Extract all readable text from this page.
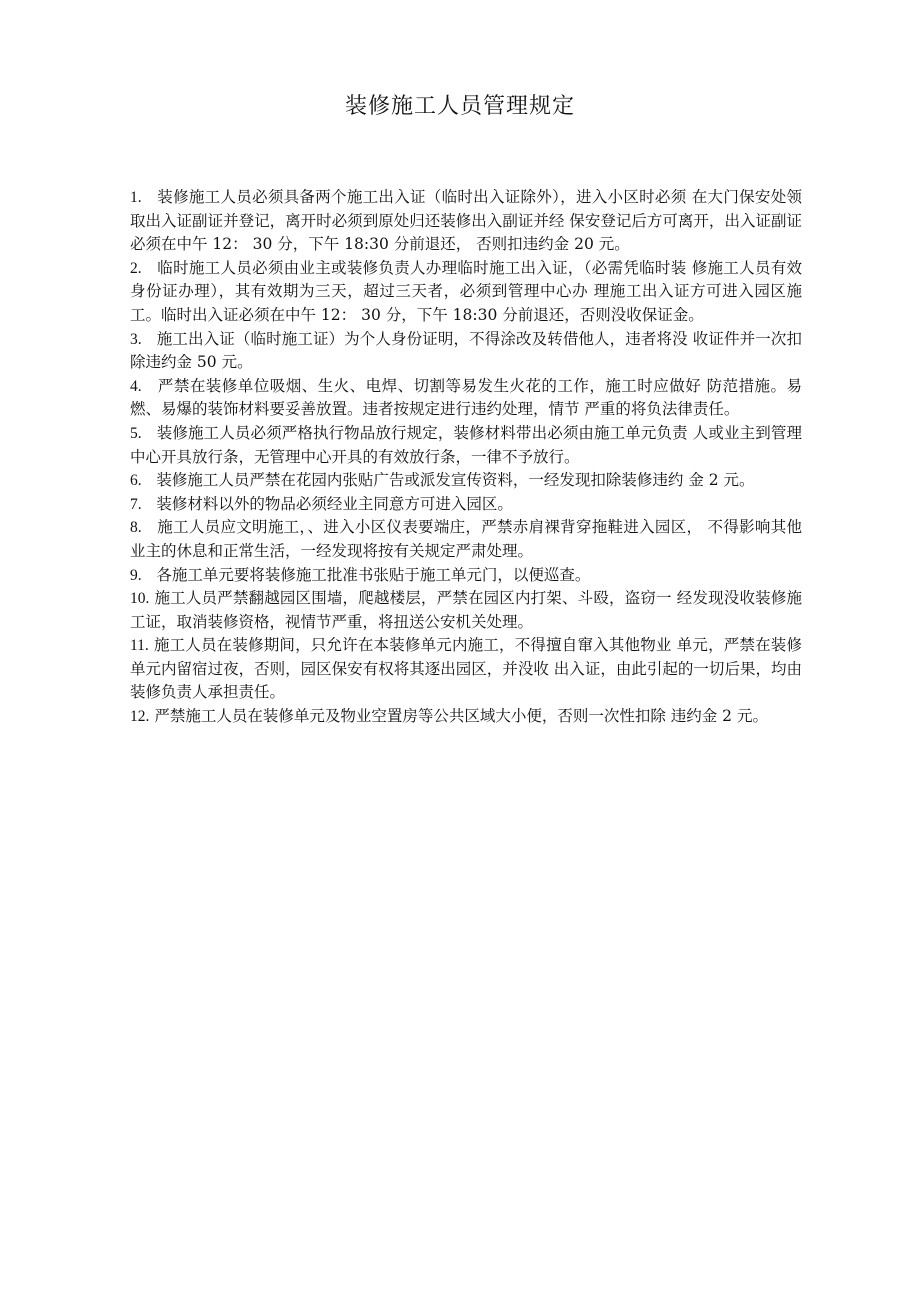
装修施工人员管理规定
1. 装修施工人员必须具备两个施工出入证（临时出入证除外），进入小区时必须 在大门保安处领取出入证副证并登记，离开时必须到原处归还装修出入副证并经 保安登记后方可离开，出入证副证必须在中午 12： 30 分，下午 18:30 分前退还， 否则扣违约金 20 元。
2. 临时施工人员必须由业主或装修负责人办理临时施工出入证，（必需凭临时装 修施工人员有效身份证办理），其有效期为三天，超过三天者，必须到管理中心办 理施工出入证方可进入园区施工。临时出入证必须在中午 12： 30 分，下午 18:30 分前退还，否则没收保证金。
3. 施工出入证（临时施工证）为个人身份证明，不得涂改及转借他人，违者将没 收证件并一次扣除违约金 50 元。
4. 严禁在装修单位吸烟、生火、电焊、切割等易发生火花的工作，施工时应做好 防范措施。易燃、易爆的装饰材料要妥善放置。违者按规定进行违约处理，情节 严重的将负法律责任。
5. 装修施工人员必须严格执行物品放行规定，装修材料带出必须由施工单元负责 人或业主到管理中心开具放行条，无管理中心开具的有效放行条，一律不予放行。
6. 装修施工人员严禁在花园内张贴广告或派发宣传资料，一经发现扣除装修违约 金 2 元。
7. 装修材料以外的物品必须经业主同意方可进入园区。
8. 施工人员应文明施工，、进入小区仪表要端庄，严禁赤肩裸背穿拖鞋进入园区， 不得影响其他业主的休息和正常生活，一经发现将按有关规定严肃处理。
9. 各施工单元要将装修施工批准书张贴于施工单元门，以便巡查。
10. 施工人员严禁翻越园区围墙，爬越楼层，严禁在园区内打架、斗殴，盗窃一 经发现没收装修施工证，取消装修资格，视情节严重，将扭送公安机关处理。
11. 施工人员在装修期间，只允许在本装修单元内施工，不得擅自窜入其他物业 单元，严禁在装修单元内留宿过夜，否则，园区保安有权将其逐出园区，并没收 出入证，由此引起的一切后果，均由装修负责人承担责任。
12. 严禁施工人员在装修单元及物业空置房等公共区域大小便，否则一次性扣除 违约金 2 元。
